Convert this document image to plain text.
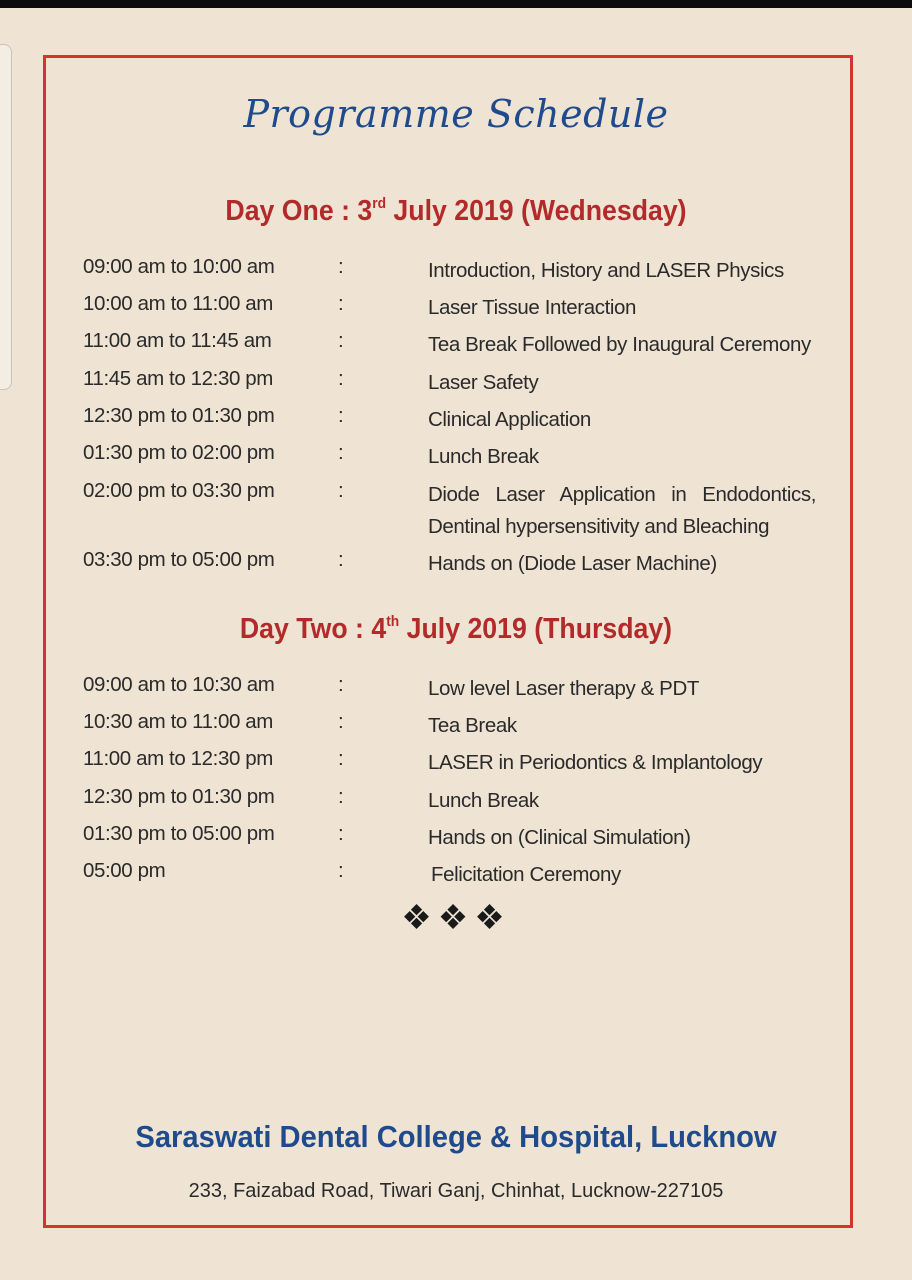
Programme Schedule
Day One : 3rd July 2019 (Wednesday)
09:00 am to 10:00 am	:	Introduction, History and LASER Physics
10:00 am to 11:00 am	:	Laser Tissue Interaction
11:00 am to 11:45 am	:	Tea Break Followed by Inaugural Ceremony
11:45 am to 12:30 pm	:	Laser Safety
12:30 pm to 01:30 pm	:	Clinical Application
01:30 pm to 02:00 pm	:	Lunch Break
02:00 pm to 03:30 pm	:	Diode Laser Application in Endodontics, Dentinal hypersensitivity and Bleaching
03:30 pm to 05:00 pm	:	Hands on (Diode Laser Machine)
Day Two : 4th July 2019 (Thursday)
09:00 am to 10:30 am	:	Low level Laser therapy & PDT
10:30 am to 11:00 am	:	Tea Break
11:00 am to 12:30 pm	:	LASER in Periodontics & Implantology
12:30 pm to 01:30 pm	:	Lunch Break
01:30 pm to 05:00 pm	:	Hands on (Clinical Simulation)
05:00 pm	:	Felicitation Ceremony
❖❖❖
Saraswati Dental College & Hospital, Lucknow
233, Faizabad Road, Tiwari Ganj, Chinhat, Lucknow-227105
